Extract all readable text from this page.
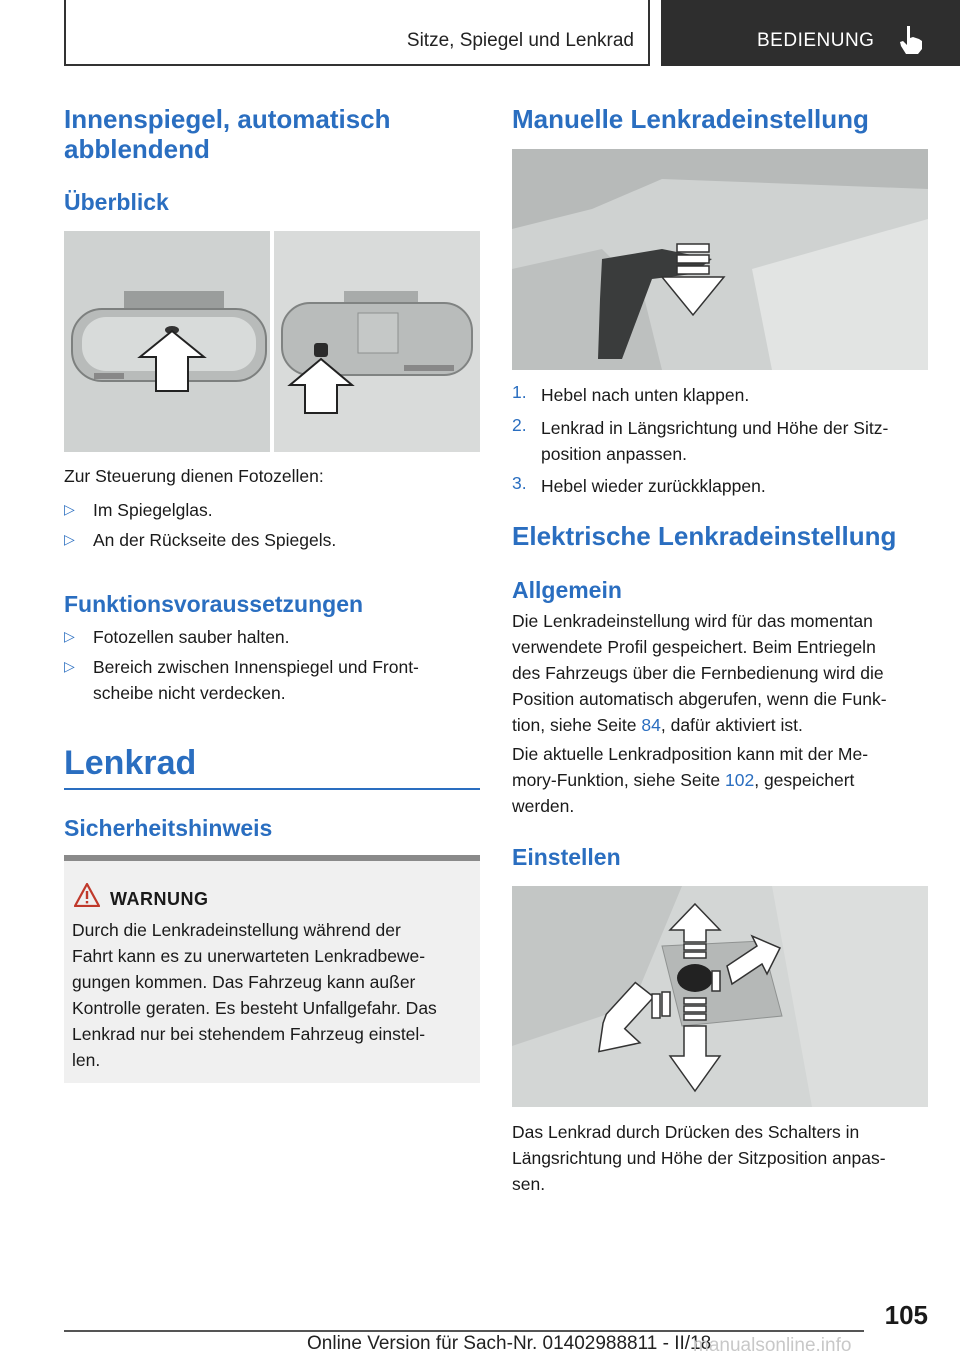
Sitze, Spiegel und Lenkrad	BEDIENUNG
Innenspiegel, automatisch
abblendend
Überblick
Zur Steuerung dienen Fotozellen:
▷ Im Spiegelglas.
▷ An der Rückseite des Spiegels.
Funktionsvoraussetzungen
▷ Fotozellen sauber halten.
▷ Bereich zwischen Innenspiegel und Front-
scheibe nicht verdecken.
Lenkrad
Sicherheitshinweis
WARNUNG
Durch die Lenkradeinstellung während der
Fahrt kann es zu unerwarteten Lenkradbewe-
gungen kommen. Das Fahrzeug kann außer
Kontrolle geraten. Es besteht Unfallgefahr. Das
Lenkrad nur bei stehendem Fahrzeug einstel-
len.
Manuelle Lenkradeinstellung
1. Hebel nach unten klappen.
2. Lenkrad in Längsrichtung und Höhe der Sitz-
position anpassen.
3. Hebel wieder zurückklappen.
Elektrische Lenkradeinstellung
Allgemein
Die Lenkradeinstellung wird für das momentan
verwendete Profil gespeichert. Beim Entriegeln
des Fahrzeugs über die Fernbedienung wird die
Position automatisch abgerufen, wenn die Funk-
tion, siehe Seite 84, dafür aktiviert ist.
Die aktuelle Lenkradposition kann mit der Me-
mory-Funktion, siehe Seite 102, gespeichert
werden.
Einstellen
Das Lenkrad durch Drücken des Schalters in
Längsrichtung und Höhe der Sitzposition anpas-
sen.
105
Online Version für Sach-Nr. 01402988811 - II/18
manualsonline.info
